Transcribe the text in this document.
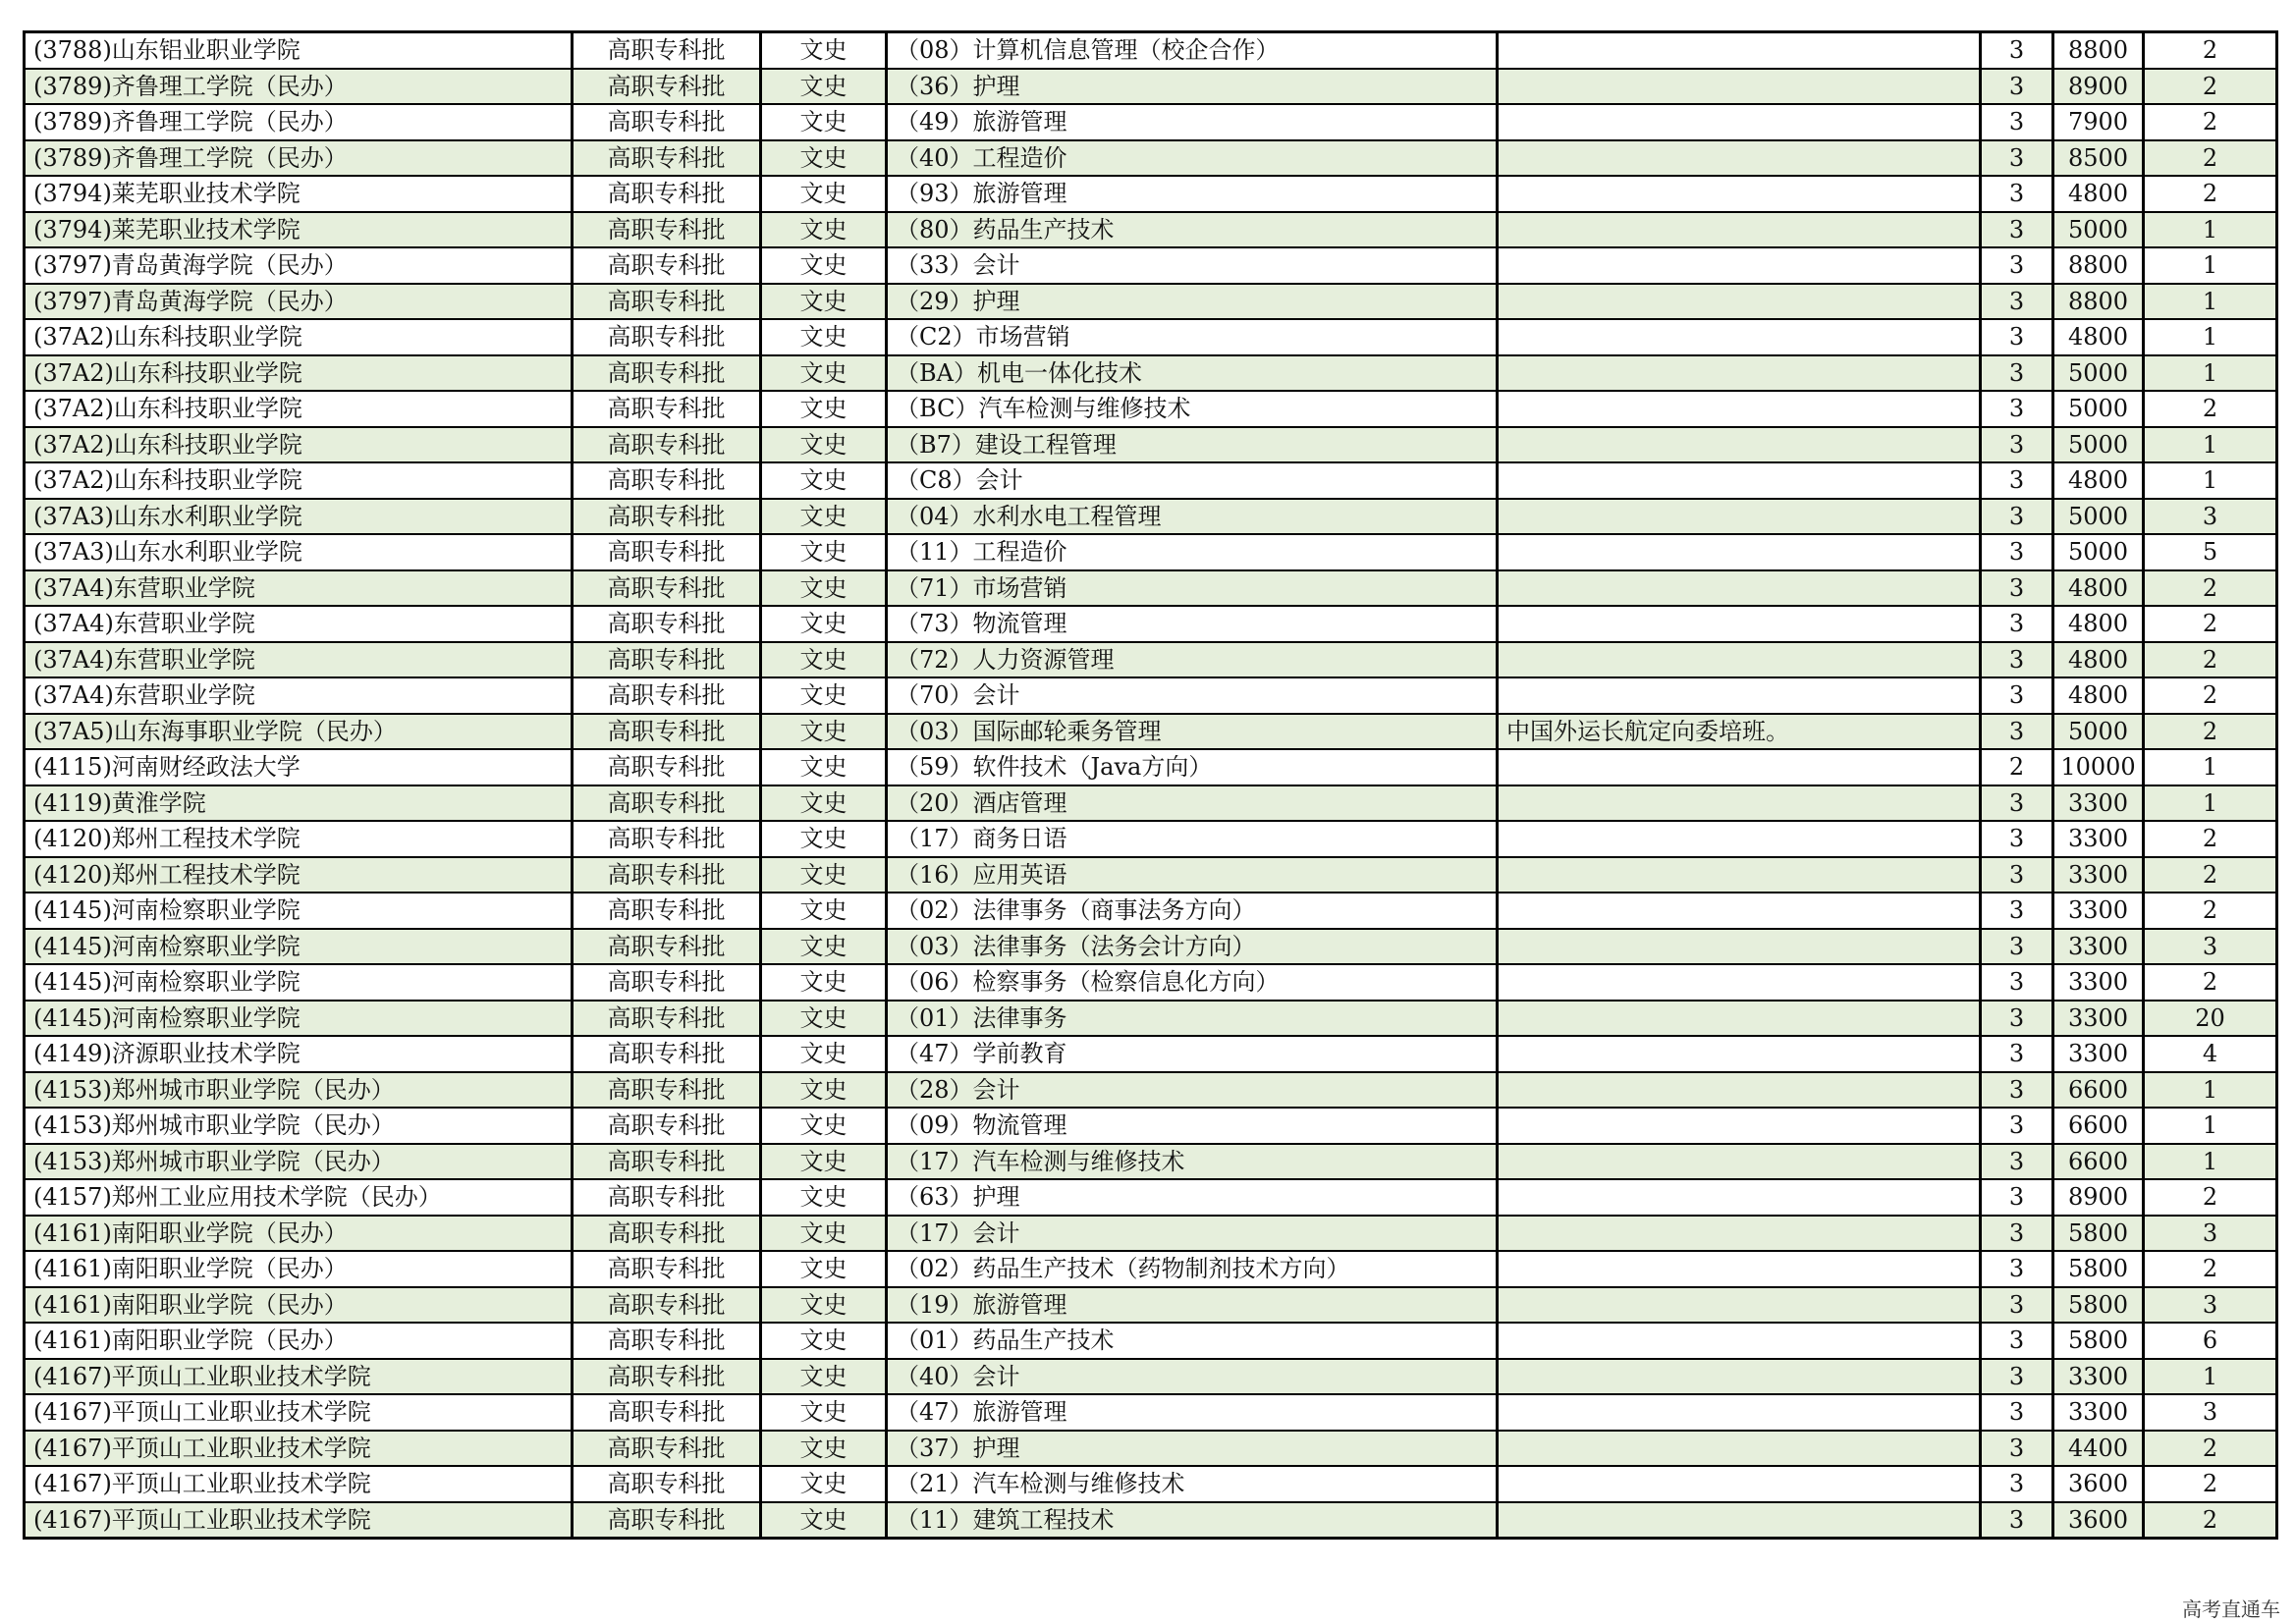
(3788)山东铝业职业学院	高职专科批	文史	（08）计算机信息管理（校企合作）		3	8800	2
(3789)齐鲁理工学院（民办）	高职专科批	文史	（36）护理		3	8900	2
(3789)齐鲁理工学院（民办）	高职专科批	文史	（49）旅游管理		3	7900	2
(3789)齐鲁理工学院（民办）	高职专科批	文史	（40）工程造价		3	8500	2
(3794)莱芜职业技术学院	高职专科批	文史	（93）旅游管理		3	4800	2
(3794)莱芜职业技术学院	高职专科批	文史	（80）药品生产技术		3	5000	1
(3797)青岛黄海学院（民办）	高职专科批	文史	（33）会计		3	8800	1
(3797)青岛黄海学院（民办）	高职专科批	文史	（29）护理		3	8800	1
(37A2)山东科技职业学院	高职专科批	文史	（C2）市场营销		3	4800	1
(37A2)山东科技职业学院	高职专科批	文史	（BA）机电一体化技术		3	5000	1
(37A2)山东科技职业学院	高职专科批	文史	（BC）汽车检测与维修技术		3	5000	2
(37A2)山东科技职业学院	高职专科批	文史	（B7）建设工程管理		3	5000	1
(37A2)山东科技职业学院	高职专科批	文史	（C8）会计		3	4800	1
(37A3)山东水利职业学院	高职专科批	文史	（04）水利水电工程管理		3	5000	3
(37A3)山东水利职业学院	高职专科批	文史	（11）工程造价		3	5000	5
(37A4)东营职业学院	高职专科批	文史	（71）市场营销		3	4800	2
(37A4)东营职业学院	高职专科批	文史	（73）物流管理		3	4800	2
(37A4)东营职业学院	高职专科批	文史	（72）人力资源管理		3	4800	2
(37A4)东营职业学院	高职专科批	文史	（70）会计		3	4800	2
(37A5)山东海事职业学院（民办）	高职专科批	文史	（03）国际邮轮乘务管理	中国外运长航定向委培班。	3	5000	2
(4115)河南财经政法大学	高职专科批	文史	（59）软件技术（Java方向）		2	10000	1
(4119)黄淮学院	高职专科批	文史	（20）酒店管理		3	3300	1
(4120)郑州工程技术学院	高职专科批	文史	（17）商务日语		3	3300	2
(4120)郑州工程技术学院	高职专科批	文史	（16）应用英语		3	3300	2
(4145)河南检察职业学院	高职专科批	文史	（02）法律事务（商事法务方向）		3	3300	2
(4145)河南检察职业学院	高职专科批	文史	（03）法律事务（法务会计方向）		3	3300	3
(4145)河南检察职业学院	高职专科批	文史	（06）检察事务（检察信息化方向）		3	3300	2
(4145)河南检察职业学院	高职专科批	文史	（01）法律事务		3	3300	20
(4149)济源职业技术学院	高职专科批	文史	（47）学前教育		3	3300	4
(4153)郑州城市职业学院（民办）	高职专科批	文史	（28）会计		3	6600	1
(4153)郑州城市职业学院（民办）	高职专科批	文史	（09）物流管理		3	6600	1
(4153)郑州城市职业学院（民办）	高职专科批	文史	（17）汽车检测与维修技术		3	6600	1
(4157)郑州工业应用技术学院（民办）	高职专科批	文史	（63）护理		3	8900	2
(4161)南阳职业学院（民办）	高职专科批	文史	（17）会计		3	5800	3
(4161)南阳职业学院（民办）	高职专科批	文史	（02）药品生产技术（药物制剂技术方向）		3	5800	2
(4161)南阳职业学院（民办）	高职专科批	文史	（19）旅游管理		3	5800	3
(4161)南阳职业学院（民办）	高职专科批	文史	（01）药品生产技术		3	5800	6
(4167)平顶山工业职业技术学院	高职专科批	文史	（40）会计		3	3300	1
(4167)平顶山工业职业技术学院	高职专科批	文史	（47）旅游管理		3	3300	3
(4167)平顶山工业职业技术学院	高职专科批	文史	（37）护理		3	4400	2
(4167)平顶山工业职业技术学院	高职专科批	文史	（21）汽车检测与维修技术		3	3600	2
(4167)平顶山工业职业技术学院	高职专科批	文史	（11）建筑工程技术		3	3600	2
高考直通车
